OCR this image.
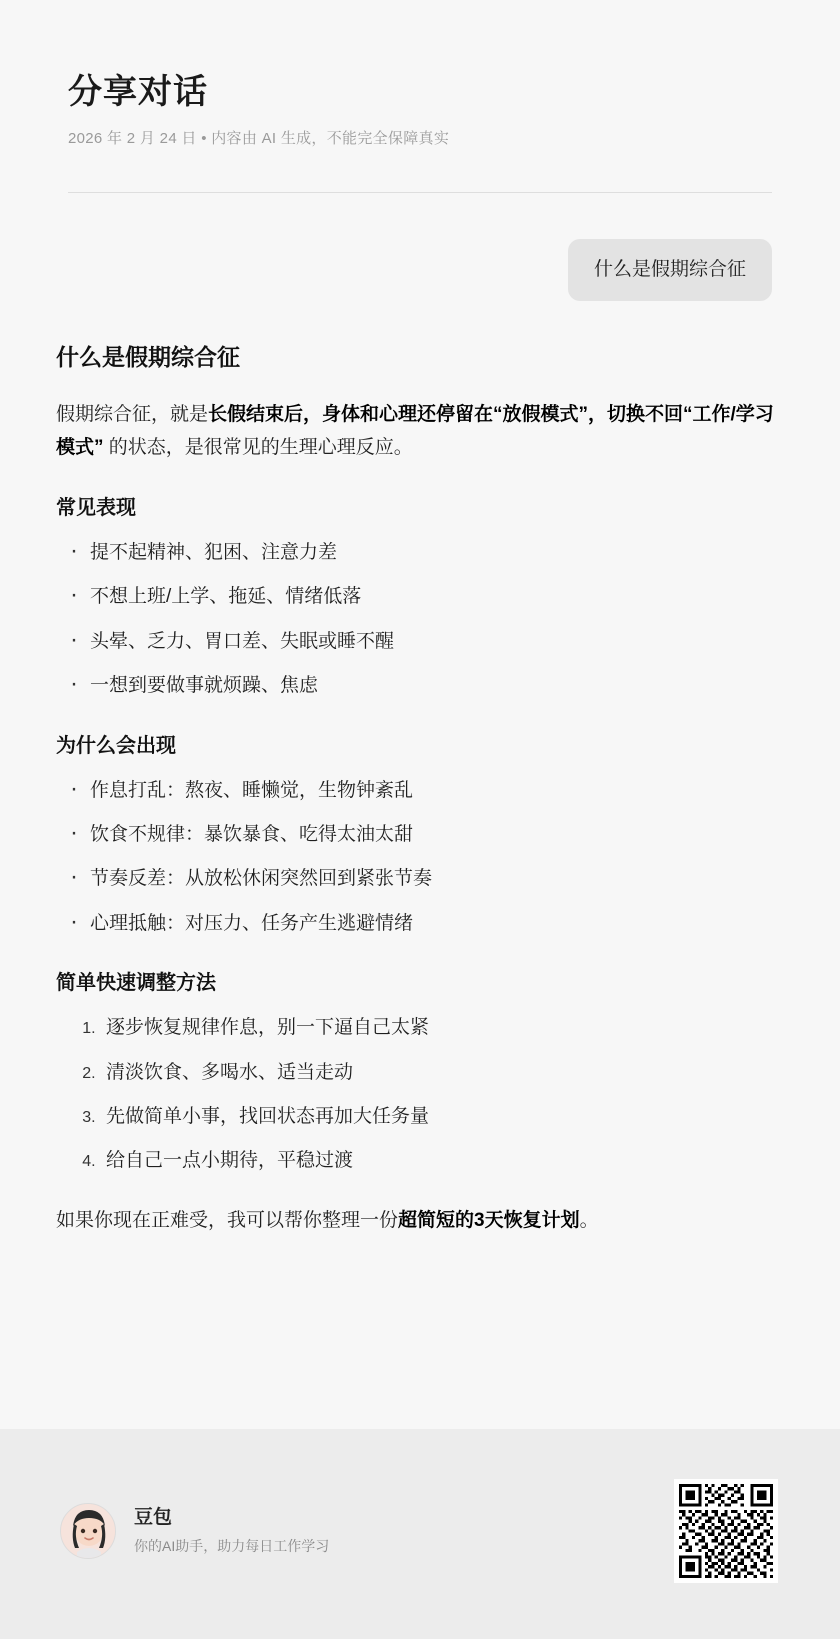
分享对话

2026 年 2 月 24 日 • 内容由 AI 生成，不能完全保障真实

什么是假期综合征
什么是假期综合征

假期综合征，就是长假结束后，身体和心理还停留在“放假模式”，切换不回“工作/学习模式” 的状态，是很常见的生理心理反应。

常见表现
· 提不起精神、犯困、注意力差
· 不想上班/上学、拖延、情绪低落
· 头晕、乏力、胃口差、失眠或睡不醒
· 一想到要做事就烦躁、焦虑
为什么会出现
· 作息打乱：熬夜、睡懒觉，生物钟紊乱
· 饮食不规律：暴饮暴食、吃得太油太甜
· 节奏反差：从放松休闲突然回到紧张节奏
· 心理抵触：对压力、任务产生逃避情绪
简单快速调整方法
1. 逐步恢复规律作息，别一下逼自己太紧
2. 清淡饮食、多喝水、适当走动
3. 先做简单小事，找回状态再加大任务量
4. 给自己一点小期待，平稳过渡

如果你现在正难受，我可以帮你整理一份超简短的3天恢复计划。

豆包
你的AI助手，助力每日工作学习
